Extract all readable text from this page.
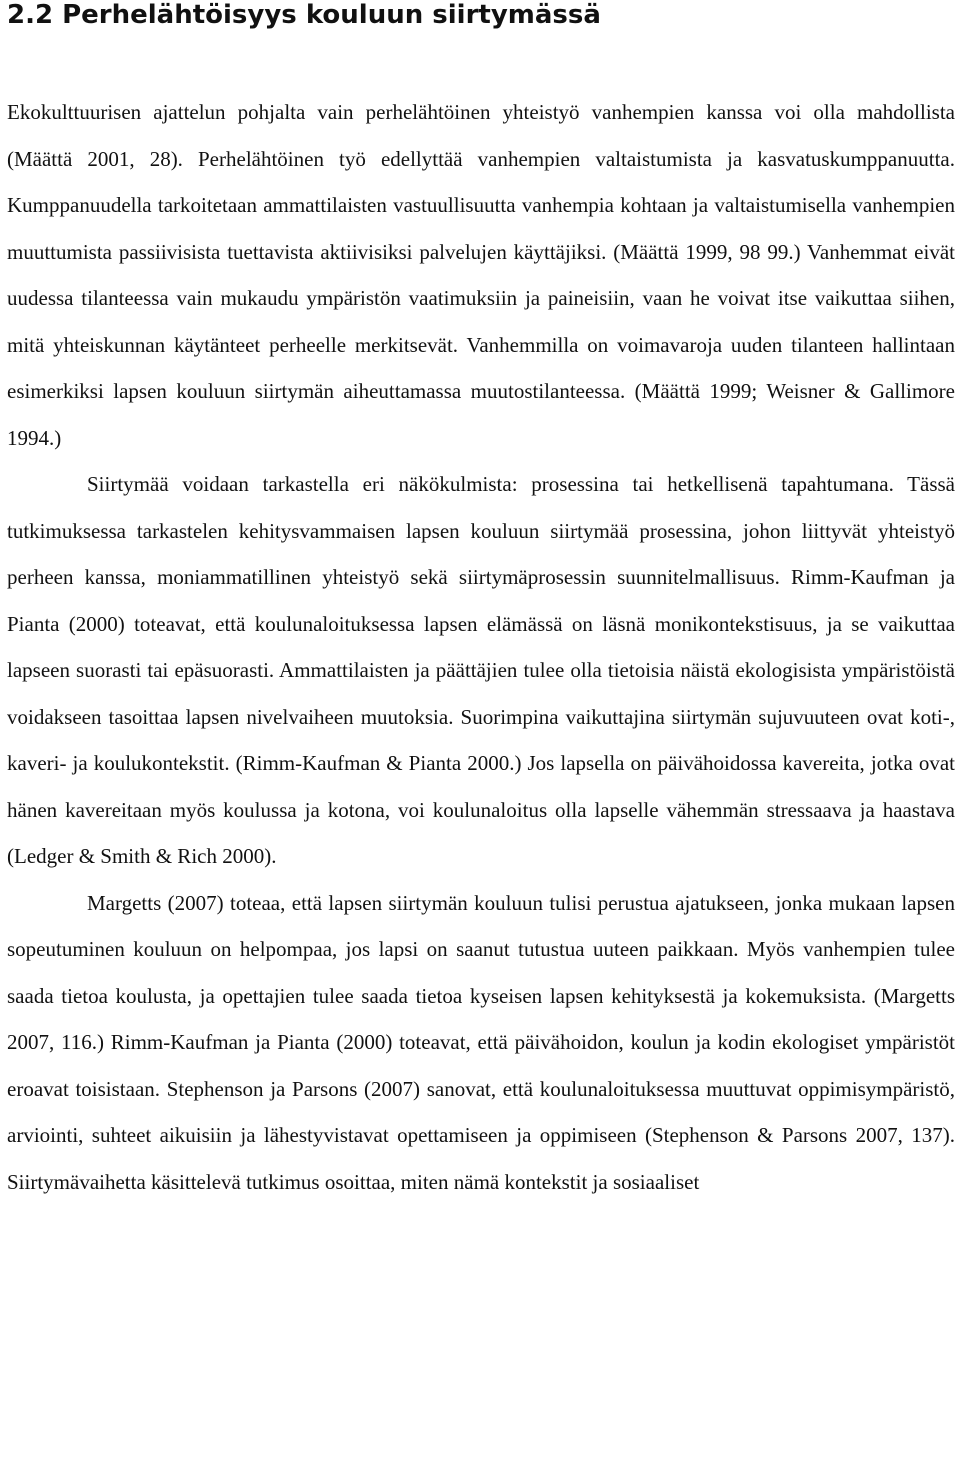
2.2 Perhelähtöisyys kouluun siirtymässä

Ekokulttuurisen ajattelun pohjalta vain perhelähtöinen yhteistyö vanhempien kanssa voi olla mahdollista (Määttä 2001, 28). Perhelähtöinen työ edellyttää vanhempien valtaistumista ja kasvatuskumppanuutta. Kumppanuudella tarkoitetaan ammattilaisten vastuullisuutta vanhempia kohtaan ja valtaistumisella vanhempien muuttumista passiivisista tuettavista aktiivisiksi palvelujen käyttäjiksi. (Määttä 1999, 98 99.) Vanhemmat eivät uudessa tilanteessa vain mukaudu ympäristön vaatimuksiin ja paineisiin, vaan he voivat itse vaikuttaa siihen, mitä yhteiskunnan käytänteet perheelle merkitsevät. Vanhemmilla on voimavaroja uuden tilanteen hallintaan esimerkiksi lapsen kouluun siirtymän aiheuttamassa muutostilanteessa. (Määttä 1999; Weisner & Gallimore 1994.)

Siirtymää voidaan tarkastella eri näkökulmista: prosessina tai hetkellisenä tapahtumana. Tässä tutkimuksessa tarkastelen kehitysvammaisen lapsen kouluun siirtymää prosessina, johon liittyvät yhteistyö perheen kanssa, moniammatillinen yhteistyö sekä siirtymäprosessin suunnitelmallisuus. Rimm-Kaufman ja Pianta (2000) toteavat, että koulunaloituksessa lapsen elämässä on läsnä monikontekstisuus, ja se vaikuttaa lapseen suorasti tai epäsuorasti. Ammattilaisten ja päättäjien tulee olla tietoisia näistä ekologisista ympäristöistä voidakseen tasoittaa lapsen nivelvaiheen muutoksia. Suorimpina vaikuttajina siirtymän sujuvuuteen ovat koti-, kaveri- ja koulukontekstit. (Rimm-Kaufman & Pianta 2000.) Jos lapsella on päivähoidossa kavereita, jotka ovat hänen kavereitaan myös koulussa ja kotona, voi koulunaloitus olla lapselle vähemmän stressaava ja haastava (Ledger & Smith & Rich 2000).

Margetts (2007) toteaa, että lapsen siirtymän kouluun tulisi perustua ajatukseen, jonka mukaan lapsen sopeutuminen kouluun on helpompaa, jos lapsi on saanut tutustua uuteen paikkaan. Myös vanhempien tulee saada tietoa koulusta, ja opettajien tulee saada tietoa kyseisen lapsen kehityksestä ja kokemuksista. (Margetts 2007, 116.) Rimm-Kaufman ja Pianta (2000) toteavat, että päivähoidon, koulun ja kodin ekologiset ympäristöt eroavat toisistaan. Stephenson ja Parsons (2007) sanovat, että koulunaloituksessa muuttuvat oppimisympäristö, arviointi, suhteet aikuisiin ja lähestyvistavat opettamiseen ja oppimiseen (Stephenson & Parsons 2007, 137). Siirtymävaihetta käsittelevä tutkimus osoittaa, miten nämä kontekstit ja sosiaaliset
